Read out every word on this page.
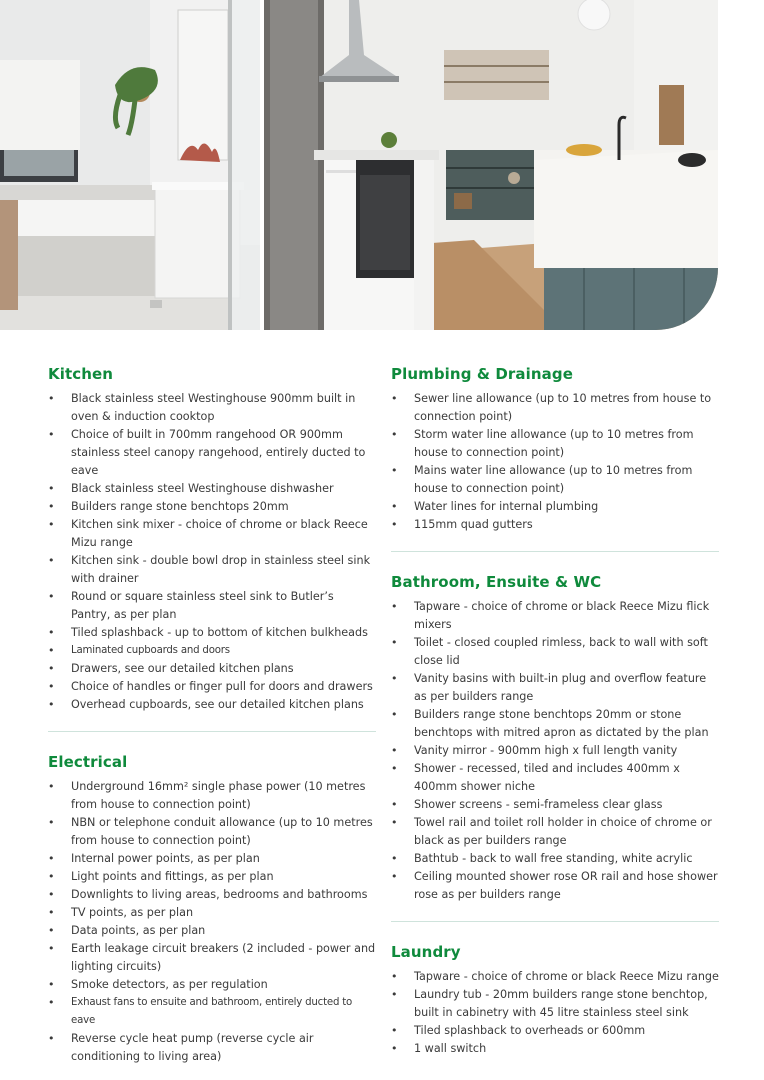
Kitchen
• Black stainless steel Westinghouse 900mm built in oven & induction cooktop
• Choice of built in 700mm rangehood OR 900mm stainless steel canopy rangehood, entirely ducted to eave
• Black stainless steel Westinghouse dishwasher
• Builders range stone benchtops 20mm
• Kitchen sink mixer - choice of chrome or black Reece Mizu range
• Kitchen sink - double bowl drop in stainless steel sink with drainer
• Round or square stainless steel sink to Butler’s Pantry, as per plan
• Tiled splashback - up to bottom of kitchen bulkheads
• Laminated cupboards and doors
• Drawers, see our detailed kitchen plans
• Choice of handles or finger pull for doors and drawers
• Overhead cupboards, see our detailed kitchen plans
Electrical
• Underground 16mm² single phase power (10 metres from house to connection point)
• NBN or telephone conduit allowance (up to 10 metres from house to connection point)
• Internal power points, as per plan
• Light points and fittings, as per plan
• Downlights to living areas, bedrooms and bathrooms
• TV points, as per plan
• Data points, as per plan
• Earth leakage circuit breakers (2 included - power and lighting circuits)
• Smoke detectors, as per regulation
• Exhaust fans to ensuite and bathroom, entirely ducted to eave
• Reverse cycle heat pump (reverse cycle air conditioning to living area)
Plumbing & Drainage
• Sewer line allowance (up to 10 metres from house to connection point)
• Storm water line allowance (up to 10 metres from house to connection point)
• Mains water line allowance (up to 10 metres from house to connection point)
• Water lines for internal plumbing
• 115mm quad gutters
Bathroom, Ensuite & WC
• Tapware - choice of chrome or black Reece Mizu flick mixers
• Toilet - closed coupled rimless, back to wall with soft close lid
• Vanity basins with built-in plug and overflow feature as per builders range
• Builders range stone benchtops 20mm or stone benchtops with mitred apron as dictated by the plan
• Vanity mirror - 900mm high x full length vanity
• Shower - recessed, tiled and includes 400mm x 400mm shower niche
• Shower screens - semi-frameless clear glass
• Towel rail and toilet roll holder in choice of chrome or black as per builders range
• Bathtub - back to wall free standing, white acrylic
• Ceiling mounted shower rose OR rail and hose shower rose as per builders range
Laundry
• Tapware - choice of chrome or black Reece Mizu range
• Laundry tub - 20mm builders range stone benchtop, built in cabinetry with 45 litre stainless steel sink
• Tiled splashback to overheads or 600mm
• 1 wall switch
